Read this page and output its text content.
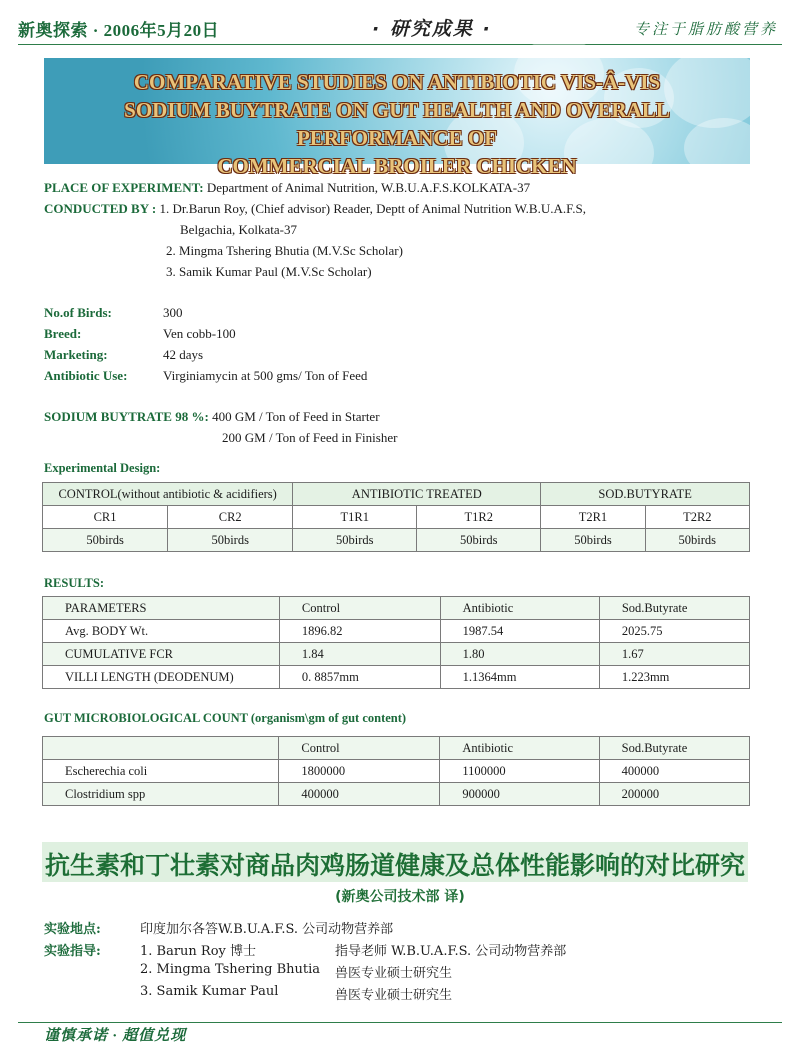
新奥探索 · 2006年5月20日	· 研究成果 ·	专注于脂肪酸营养
COMPARATIVE STUDIES ON ANTIBIOTIC VIS-Â-VIS
SODIUM BUYTRATE ON GUT HEALTH AND OVERALL PERFORMANCE OF
COMMERCIAL BROILER CHICKEN
PLACE OF EXPERIMENT: Department of Animal Nutrition, W.B.U.A.F.S.KOLKATA-37
CONDUCTED BY : 1. Dr.Barun Roy, (Chief advisor) Reader, Deptt of Animal Nutrition W.B.U.A.F.S,
Belgachia, Kolkata-37
2. Mingma Tshering Bhutia (M.V.Sc Scholar)
3. Samik Kumar Paul (M.V.Sc Scholar)
No.of Birds:	300
Breed:	Ven cobb-100
Marketing:	42 days
Antibiotic Use:	Virginiamycin at 500 gms/ Ton of Feed
SODIUM BUYTRATE 98 %: 400 GM / Ton of Feed in Starter
200 GM / Ton of Feed in Finisher
Experimental Design:
CONTROL(without antibiotic & acidifiers)		ANTIBIOTIC TREATED		SOD.BUTYRATE	
CR1	CR2	T1R1	T1R2	T2R1	T2R2
50birds	50birds	50birds	50birds	50birds	50birds
RESULTS:
PARAMETERS	Control	Antibiotic	Sod.Butyrate
Avg. BODY Wt.	1896.82	1987.54	2025.75
CUMULATIVE FCR	1.84	1.80	1.67
VILLI LENGTH (DEODENUM)	0. 8857mm	1.1364mm	1.223mm
GUT MICROBIOLOGICAL COUNT (organism\gm of gut content)
	Control	Antibiotic	Sod.Butyrate
Escherechia coli	1800000	1100000	400000
Clostridium spp	400000	900000	200000
抗生素和丁壮素对商品肉鸡肠道健康及总体性能影响的对比研究
(新奥公司技术部 译)
实验地点:	印度加尔各答W.B.U.A.F.S. 公司动物营养部
实验指导:	1. Barun Roy 博士	指导老师 W.B.U.A.F.S. 公司动物营养部
2. Mingma Tshering Bhutia 兽医专业硕士研究生
3. Samik Kumar Paul	兽医专业硕士研究生
谨慎承诺 · 超值兑现
